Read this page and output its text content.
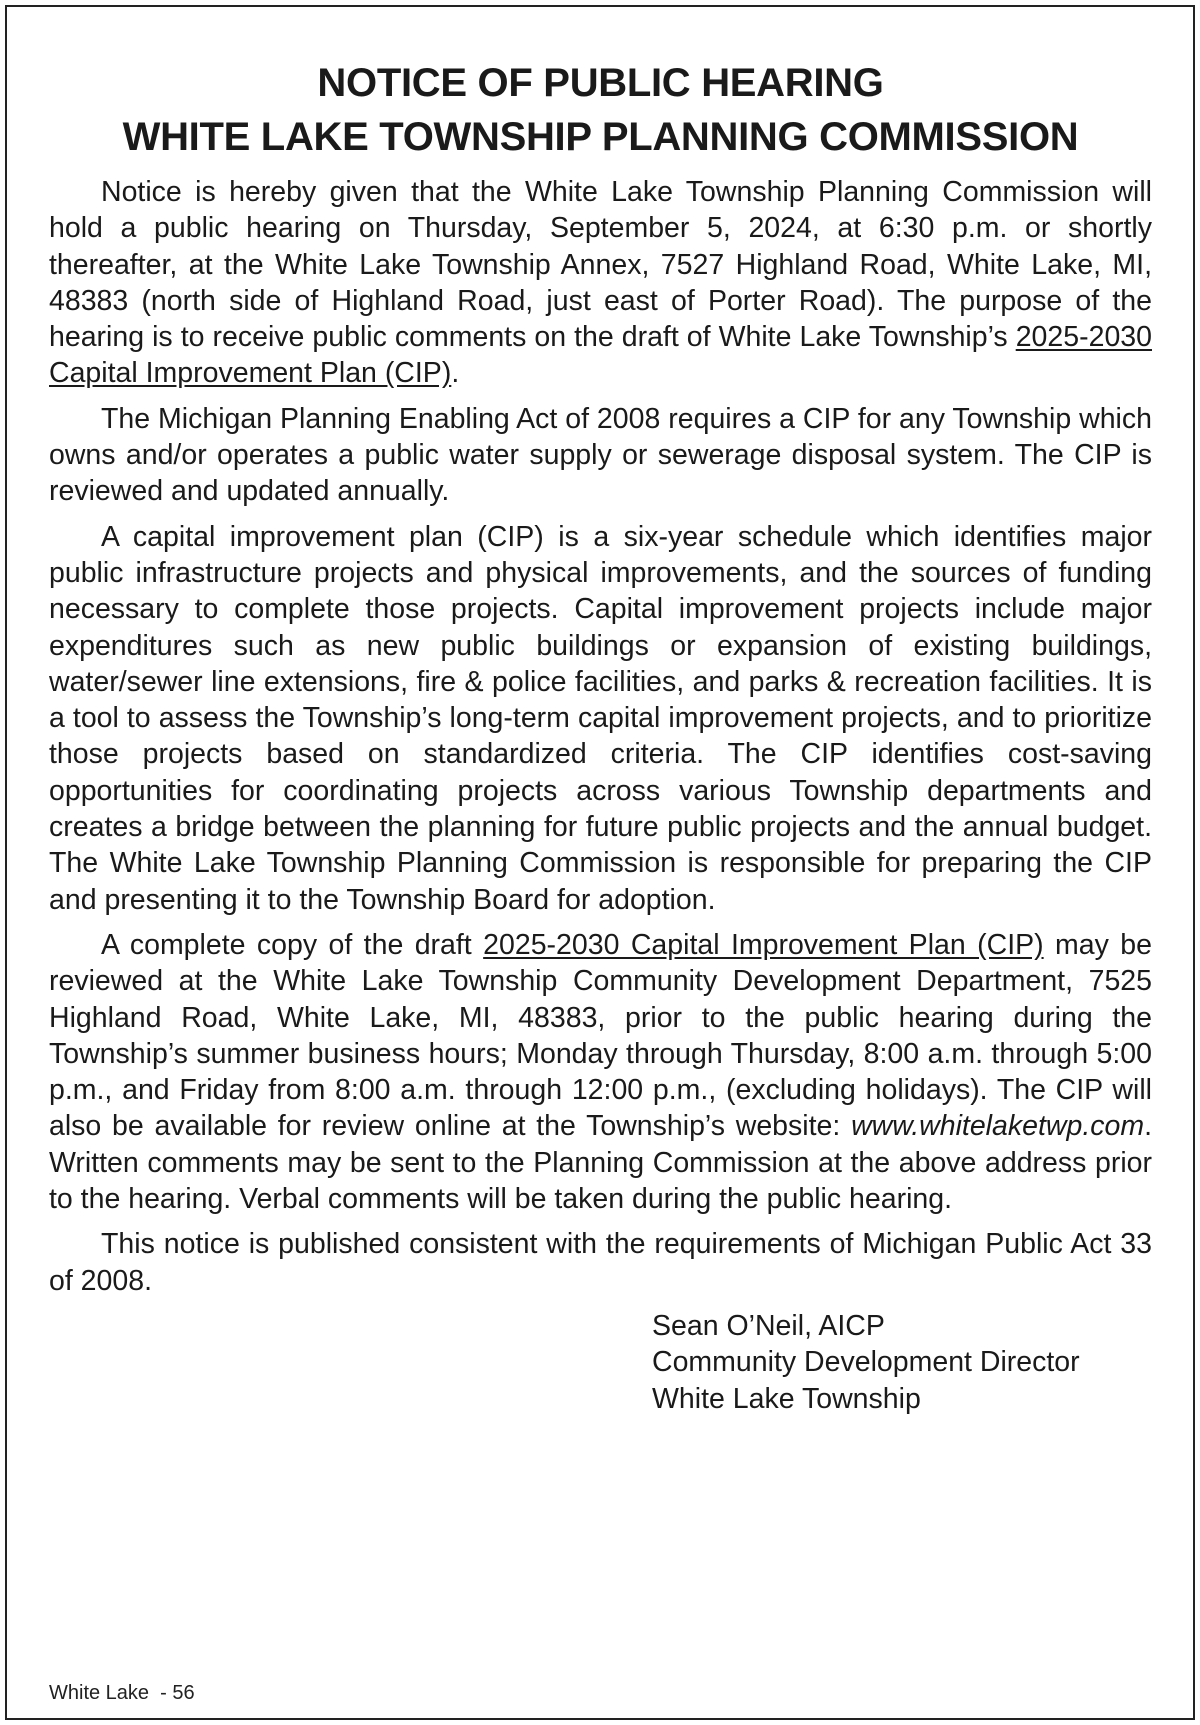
NOTICE OF PUBLIC HEARING
WHITE LAKE TOWNSHIP PLANNING COMMISSION

Notice is hereby given that the White Lake Township Planning Commission will hold a public hearing on Thursday, September 5, 2024, at 6:30 p.m. or shortly thereafter, at the White Lake Township Annex, 7527 Highland Road, White Lake, MI, 48383 (north side of Highland Road, just east of Porter Road). The purpose of the hearing is to receive public comments on the draft of White Lake Township’s 2025-2030 Capital Improvement Plan (CIP).

The Michigan Planning Enabling Act of 2008 requires a CIP for any Township which owns and/or operates a public water supply or sewerage disposal system. The CIP is reviewed and updated annually.

A capital improvement plan (CIP) is a six-year schedule which identifies major public infrastructure projects and physical improvements, and the sources of funding necessary to complete those projects. Capital improvement projects include major expenditures such as new public buildings or expansion of existing buildings, water/sewer line extensions, fire & police facilities, and parks & recreation facilities. It is a tool to assess the Township’s long-term capital improvement projects, and to prioritize those projects based on standardized criteria. The CIP identifies cost-saving opportunities for coordinating projects across various Township departments and creates a bridge between the planning for future public projects and the annual budget. The White Lake Township Planning Commission is responsible for preparing the CIP and presenting it to the Township Board for adoption.

A complete copy of the draft 2025-2030 Capital Improvement Plan (CIP) may be reviewed at the White Lake Township Community Development Department, 7525 Highland Road, White Lake, MI, 48383, prior to the public hearing during the Township’s summer business hours; Monday through Thursday, 8:00 a.m. through 5:00 p.m., and Friday from 8:00 a.m. through 12:00 p.m., (excluding holidays). The CIP will also be available for review online at the Township’s website: www.whitelaketwp.com. Written comments may be sent to the Planning Commission at the above address prior to the hearing. Verbal comments will be taken during the public hearing.

This notice is published consistent with the requirements of Michigan Public Act 33 of 2008.

Sean O’Neil, AICP
Community Development Director
White Lake Township
White Lake  - 56
